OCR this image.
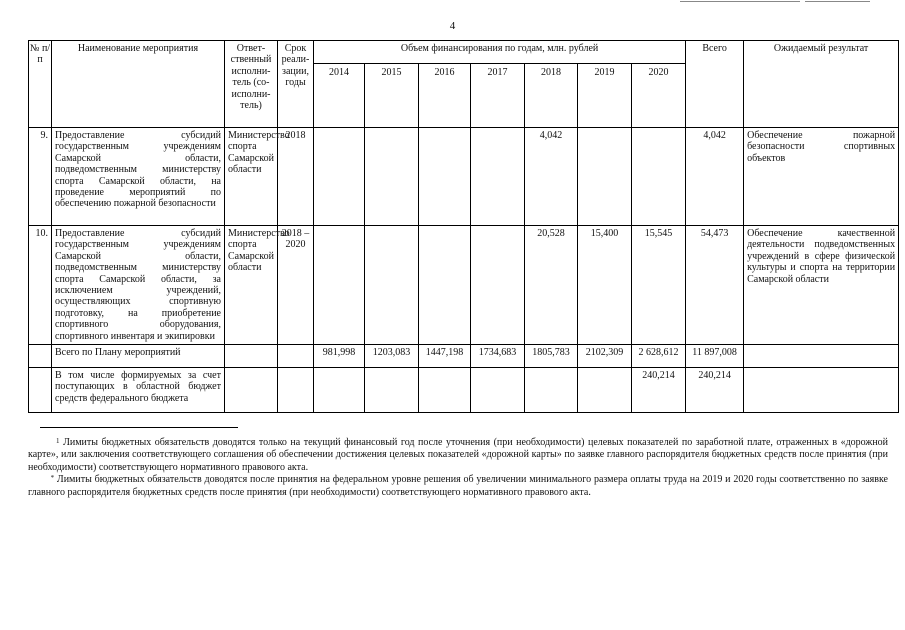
4
№ п/п	Наименование мероприятия	Ответ-ственный исполни-тель (со-исполни-тель)	Срок реали-зации, годы	Объем финансирования по годам, млн. рублей							Всего	Ожидаемый результат
				2014	2015	2016	2017	2018	2019	2020		
9.	Предоставление субсидий государственным учреждениям Самарской области, подведомственным министерству спорта Самарской области, на проведение мероприятий по обеспечению пожарной безопасности	Министерство спорта Самарской области	2018					4,042			4,042	Обеспечение пожарной безопасности спортивных объектов
10.	Предоставление субсидий государственным учреждениям Самарской области, подведомственным министерству спорта Самарской области, за исключением учреждений, осуществляющих спортивную подготовку, на приобретение спортивного оборудования, спортивного инвентаря и экипировки	Министерство спорта Самарской области	2018 – 2020					20,528	15,400	15,545	54,473	Обеспечение качественной деятельности подведомственных учреждений в сфере физической культуры и спорта на территории Самарской области
	Всего по Плану мероприятий			981,998	1203,083	1447,198	1734,683	1805,783	2102,309	2 628,612	11 897,008	
	В том числе формируемых за счет поступающих в областной бюджет средств федерального бюджета									240,214	240,214	

$^1$ Лимиты бюджетных обязательств доводятся только на текущий финансовый год после уточнения (при необходимости) целевых показателей по заработной плате, отраженных в «дорожной карте», или заключения соответствующего соглашения об обеспечении достижения целевых показателей «дорожной карты» по заявке главного распорядителя бюджетных средств после принятия (при необходимости) соответствующего нормативного правового акта.

* Лимиты бюджетных обязательств доводятся после принятия на федеральном уровне решения об увеличении минимального размера оплаты труда на 2019 и 2020 годы соответственно по заявке главного распорядителя бюджетных средств после принятия (при необходимости) соответствующего нормативного правового акта.
